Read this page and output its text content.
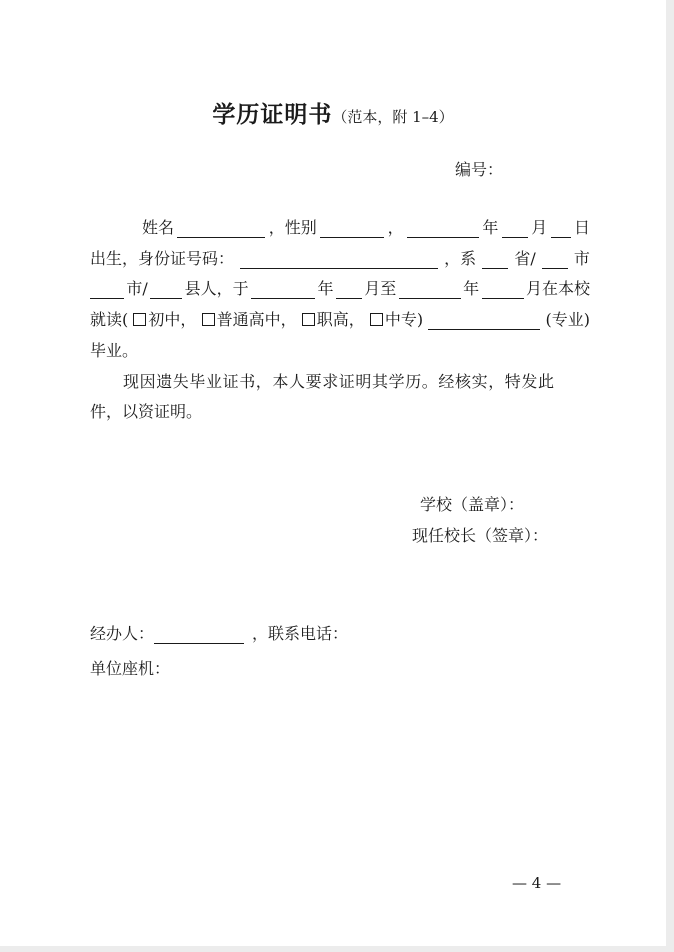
学历证明书（范本，附 1–4）
编号：
姓名	，性别	，	年 月 日
出生，身份证号码：	，系 省/ 市
市/ 县人，于	年 月至	年	月在本校
就读(	初中，	普通高中，	职高，	中专)	(专业)
毕业。
现因遗失毕业证书，本人要求证明其学历。经核实，特发此
件，以资证明。
学校（盖章）：
现任校长（签章）：
经办人：	，联系电话：
单位座机：
— 4 —
